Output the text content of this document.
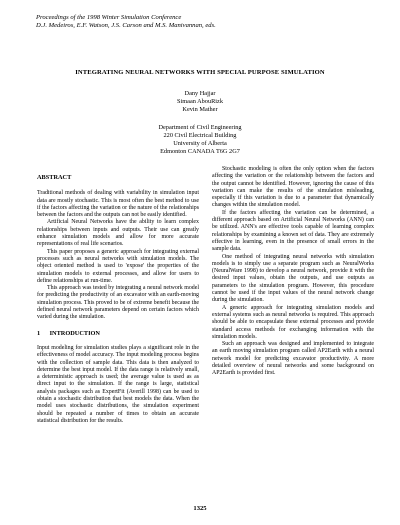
Proceedings of the 1998 Winter Simulation Conference
D.J. Medeiros, E.F. Watson, J.S. Carson and M.S. Manivannan, eds.
INTEGRATING NEURAL NETWORKS WITH SPECIAL PURPOSE SIMULATION
Dany Hajjar
Simaan AbouRizk
Kevin Mather
Department of Civil Engineering
220 Civil Electrical Building
University of Alberta
Edmonton CANADA T6G 2G7
ABSTRACT

Traditional methods of dealing with variability in simulation input data are mostly stochastic. This is most often the best method to use if the factors affecting the variation or the nature of the relationships between the factors and the outputs can not be easily identified.

Artificial Neural Networks have the ability to learn complex relationships between inputs and outputs. Their use can greatly enhance simulation models and allow for more accurate representations of real life scenarios.

This paper proposes a generic approach for integrating external processes such as neural networks with simulation models. The object oriented method is used to 'expose' the properties of the simulation models to external processes, and allow for users to define relationships at run-time.

This approach was tested by integrating a neural network model for predicting the productivity of an excavator with an earth-moving simulation process. This proved to be of extreme benefit because the defined neural network parameters depend on certain factors which varied during the simulation.

1      INTRODUCTION

Input modeling for simulation studies plays a significant role in the effectiveness of model accuracy. The input modeling process begins with the collection of sample data. This data is then analyzed to determine the best input model. If the data range is relatively small, a deterministic approach is used; the average value is used as as direct input to the simulation. If the range is large, statistical analysis packages such as ExpertFit (Averill 1998) can be used to obtain a stochastic distribution that best models the data. When the model uses stochastic distributions, the simulation experiment should be repeated a number of times to obtain an accurate statistical distribution for the results.

Stochastic modeling is often the only option when the factors affecting the variation or the relationship between the factors and the output cannot be identified. However, ignoring the cause of this variation can make the results of the simulation misleading, especially if this variation is due to a parameter that dynamically changes within the simulation model.

If the factors affecting the variation can be determined, a different approach based on Artificial Neural Networks (ANN) can be utilized. ANN's are effective tools capable of learning complex relationships by examining a known set of data. They are extremely effective in learning, even in the presence of small errors in the sample data.

One method of integrating neural networks with simulation models is to simply use a separate program such as NeuralWorks (NeuralWare 1998) to develop a neural network, provide it with the desired input values, obtain the outputs, and use outputs as parameters to the simulation program. However, this procedure cannot be used if the input values of the neural network change during the simulation.

A generic approach for integrating simulation models and external systems such as neural networks is required. This approach should be able to encapsulate these external processes and provide standard access methods for exchanging information with the simulation models.

Such an approach was designed and implemented to integrate an earth moving simulation program called AP2Earth with a neural network model for predicting excavator productivity. A more detailed overview of neural networks and some background on AP2Earth is provided first.

1325
